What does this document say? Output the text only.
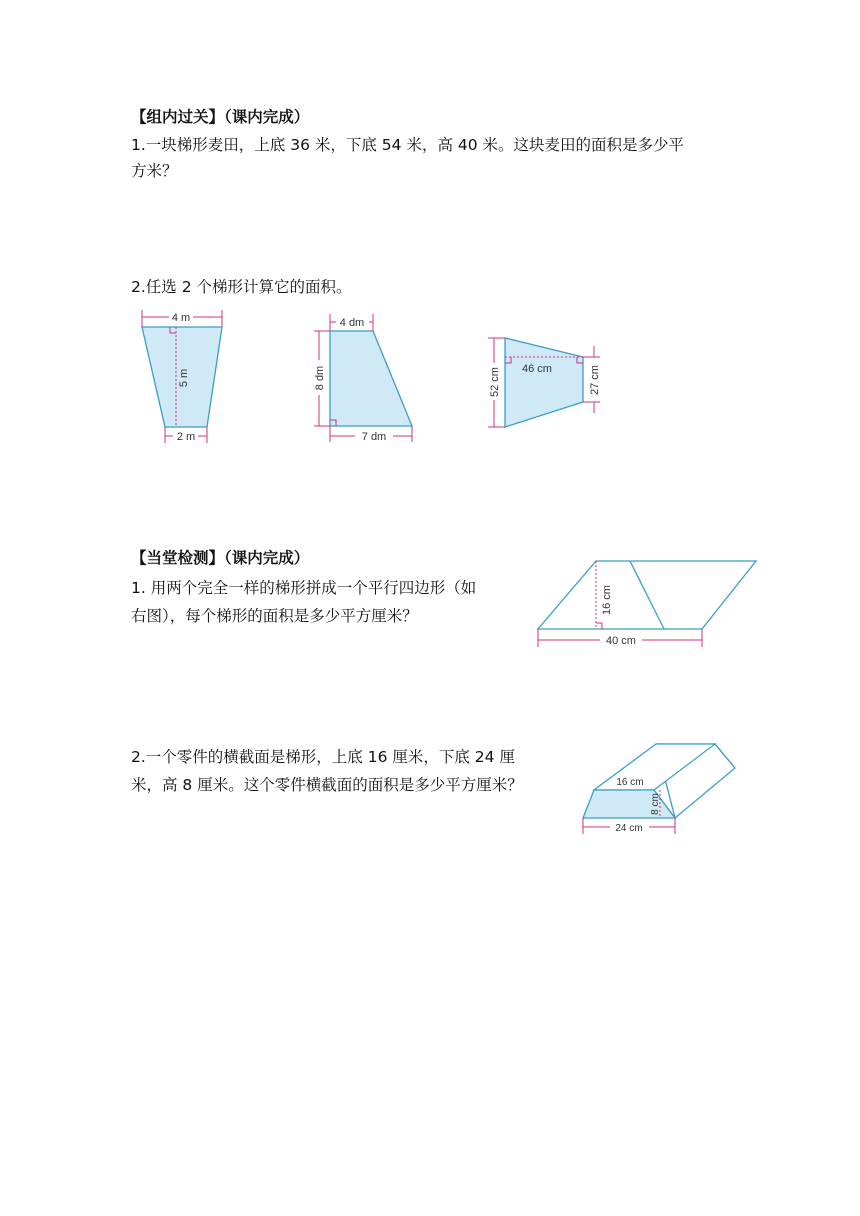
【组内过关】（课内完成）
1.一块梯形麦田，上底 36 米，下底 54 米，高 40 米。这块麦田的面积是多少平
方米？
2.任选 2 个梯形计算它的面积。
4 m
5 m
2 m
4 dm
8 dm
7 dm
46 cm
52 cm	27 cm
【当堂检测】（课内完成）
1. 用两个完全一样的梯形拼成一个平行四边形（如
右图），每个梯形的面积是多少平方厘米？
2.一个零件的横截面是梯形，上底 16 厘米，下底 24 厘
米，高 8 厘米。这个零件横截面的面积是多少平方厘米？
16 cm
40 cm
16 cm
8 cm
24 cm
